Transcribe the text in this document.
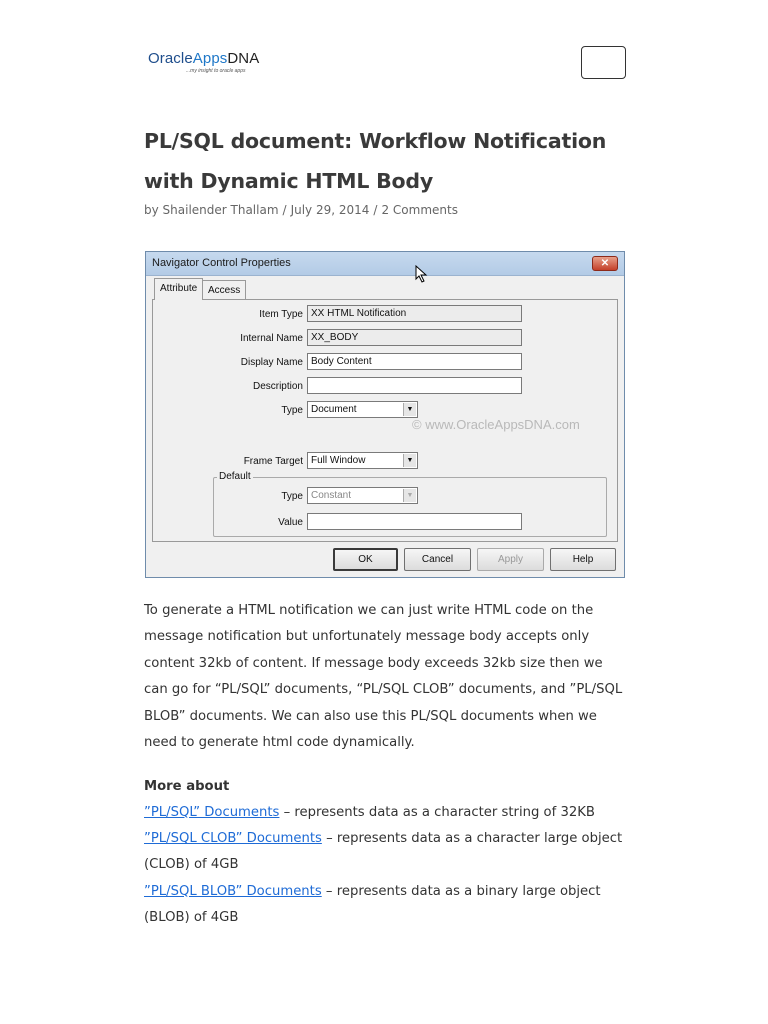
OracleAppsDNA
...my insight to oracle apps
PL/SQL document: Workflow Notification with Dynamic HTML Body
by Shailender Thallam / July 29, 2014 / 2 Comments
Navigator Control Properties	✕
Attribute	Access
Item Type XX HTML Notification
Internal Name XX_BODY
Display Name Body Content
Description
Type Document	▼
Frame Target Full Window	▼
Default
Type Constant	▼
Value
© www.OracleAppsDNA.com
OK	Cancel	Apply	Help

To generate a HTML notification we can just write HTML code on the message notification but unfortunately message body accepts only content 32kb of content. If message body exceeds 32kb size then we can go for “PL/SQL” documents, “PL/SQL CLOB” documents, and ”PL/SQL BLOB” documents. We can also use this PL/SQL documents when we need to generate html code dynamically.

More about
”PL/SQL” Documents – represents data as a character string of 32KB
”PL/SQL CLOB” Documents – represents data as a character large object (CLOB) of 4GB
”PL/SQL BLOB” Documents – represents data as a binary large object (BLOB) of 4GB
